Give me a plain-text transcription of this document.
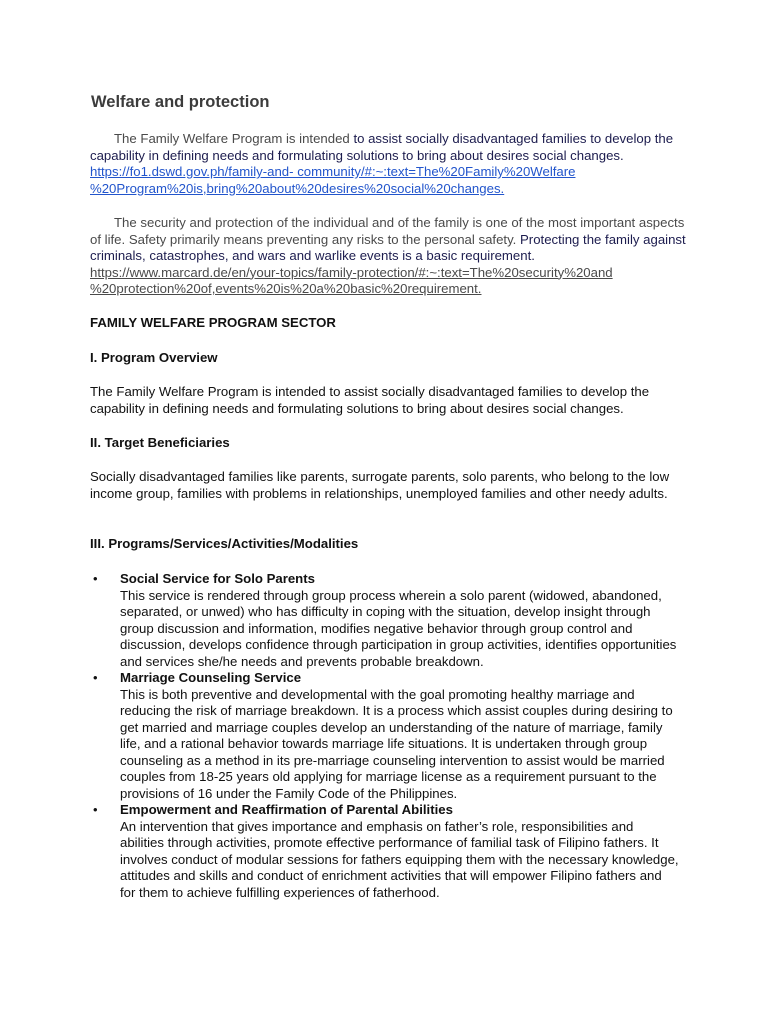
Welfare and protection

The Family Welfare Program is intended to assist socially disadvantaged families to develop the capability in defining needs and formulating solutions to bring about desires social changes.
https://fo1.dswd.gov.ph/family-and- community/#:~:text=The%20Family%20Welfare
%20Program%20is,bring%20about%20desires%20social%20changes.

The security and protection of the individual and of the family is one of the most important aspects of life. Safety primarily means preventing any risks to the personal safety. Protecting the family against criminals, catastrophes, and wars and warlike events is a basic requirement.
https://www.marcard.de/en/your-topics/family-protection/#:~:text=The%20security%20and
%20protection%20of,events%20is%20a%20basic%20requirement.

FAMILY WELFARE PROGRAM SECTOR

I. Program Overview

The Family Welfare Program is intended to assist socially disadvantaged families to develop the capability in defining needs and formulating solutions to bring about desires social changes.

II. Target Beneficiaries

Socially disadvantaged families like parents, surrogate parents, solo parents, who belong to the low income group, families with problems in relationships, unemployed families and other needy adults.

III. Programs/Services/Activities/Modalities

• Social Service for Solo Parents
This service is rendered through group process wherein a solo parent (widowed, abandoned, separated, or unwed) who has difficulty in coping with the situation, develop insight through group discussion and information, modifies negative behavior through group control and discussion, develops confidence through participation in group activities, identifies opportunities and services she/he needs and prevents probable breakdown.
• Marriage Counseling Service
This is both preventive and developmental with the goal promoting healthy marriage and reducing the risk of marriage breakdown. It is a process which assist couples during desiring to get married and marriage couples develop an understanding of the nature of marriage, family life, and a rational behavior towards marriage life situations. It is undertaken through group counseling as a method in its pre-marriage counseling intervention to assist would be married couples from 18-25 years old applying for marriage license as a requirement pursuant to the provisions of 16 under the Family Code of the Philippines.
• Empowerment and Reaffirmation of Parental Abilities
An intervention that gives importance and emphasis on father’s role, responsibilities and abilities through activities, promote effective performance of familial task of Filipino fathers. It involves conduct of modular sessions for fathers equipping them with the necessary knowledge, attitudes and skills and conduct of enrichment activities that will empower Filipino fathers and for them to achieve fulfilling experiences of fatherhood.
